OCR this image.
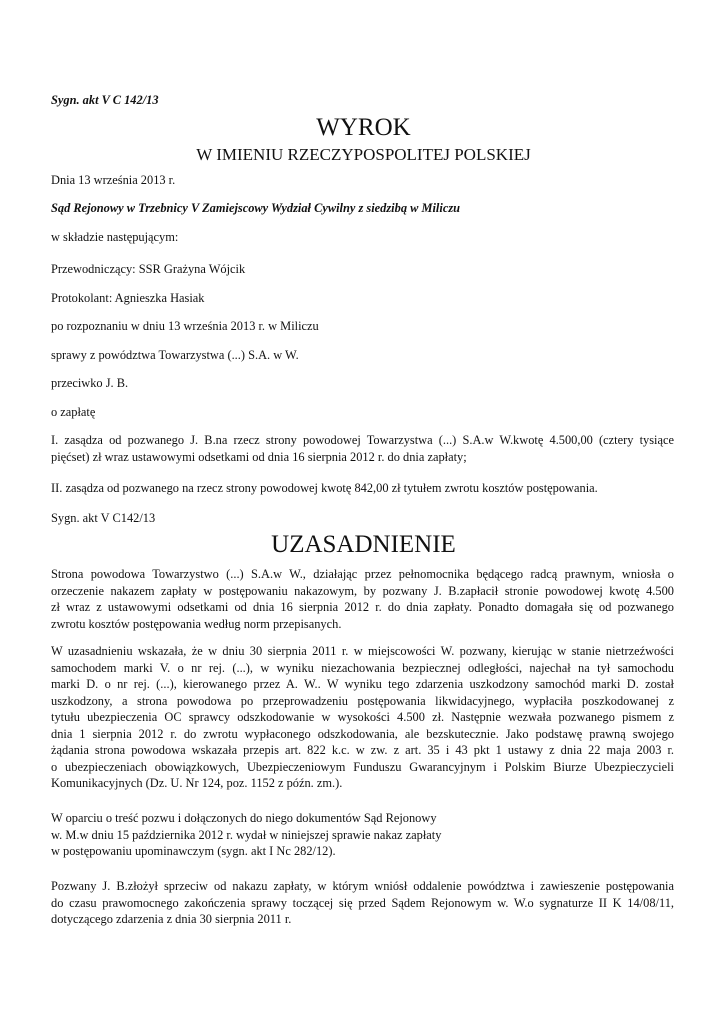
Sygn. akt V C 142/13
WYROK
W IMIENIU RZECZYPOSPOLITEJ POLSKIEJ
Dnia 13 września 2013 r.
Sąd Rejonowy w Trzebnicy V Zamiejscowy Wydział Cywilny z siedzibą w Miliczu
w składzie następującym:
Przewodniczący: SSR Grażyna Wójcik
Protokolant: Agnieszka Hasiak
po rozpoznaniu w dniu 13 września 2013 r. w Miliczu
sprawy z powództwa Towarzystwa (...) S.A. w W.
przeciwko J. B.
o zapłatę
I. zasądza od pozwanego J. B.na rzecz strony powodowej Towarzystwa (...) S.A.w W.kwotę 4.500,00 (cztery tysiące
pięćset) zł wraz ustawowymi odsetkami od dnia 16 sierpnia 2012 r. do dnia zapłaty;
II. zasądza od pozwanego na rzecz strony powodowej kwotę 842,00 zł tytułem zwrotu kosztów postępowania.
Sygn. akt V C142/13
UZASADNIENIE
Strona powodowa Towarzystwo (...) S.A.w W., działając przez pełnomocnika będącego radcą prawnym, wniosła o
orzeczenie nakazem zapłaty w postępowaniu nakazowym, by pozwany J. B.zapłacił stronie powodowej kwotę 4.500
zł wraz z ustawowymi odsetkami od dnia 16 sierpnia 2012 r. do dnia zapłaty. Ponadto domagała się od pozwanego
zwrotu kosztów postępowania według norm przepisanych.
W uzasadnieniu wskazała, że w dniu 30 sierpnia 2011 r. w miejscowości W. pozwany, kierując w stanie nietrzeźwości
samochodem marki V. o nr rej. (...), w wyniku niezachowania bezpiecznej odległości, najechał na tył samochodu
marki D. o nr rej. (...), kierowanego przez A. W.. W wyniku tego zdarzenia uszkodzony samochód marki D. został
uszkodzony, a strona powodowa po przeprowadzeniu postępowania likwidacyjnego, wypłaciła poszkodowanej z
tytułu ubezpieczenia OC sprawcy odszkodowanie w wysokości 4.500 zł. Następnie wezwała pozwanego pismem z
dnia 1 sierpnia 2012 r. do zwrotu wypłaconego odszkodowania, ale bezskutecznie. Jako podstawę prawną swojego
żądania strona powodowa wskazała przepis art. 822 k.c. w zw. z art. 35 i 43 pkt 1 ustawy z dnia 22 maja 2003 r.
o ubezpieczeniach obowiązkowych, Ubezpieczeniowym Funduszu Gwarancyjnym i Polskim Biurze Ubezpieczycieli
Komunikacyjnych (Dz. U. Nr 124, poz. 1152 z późn. zm.).
W oparciu o treść pozwu i dołączonych do niego dokumentów Sąd Rejonowy
w. M.w dniu 15 października 2012 r. wydał w niniejszej sprawie nakaz zapłaty
w postępowaniu upominawczym (sygn. akt I Nc 282/12).
Pozwany J. B.złożył sprzeciw od nakazu zapłaty, w którym wniósł oddalenie powództwa i zawieszenie postępowania
do czasu prawomocnego zakończenia sprawy toczącej się przed Sądem Rejonowym w. W.o sygnaturze II K 14/08/11,
dotyczącego zdarzenia z dnia 30 sierpnia 2011 r.
